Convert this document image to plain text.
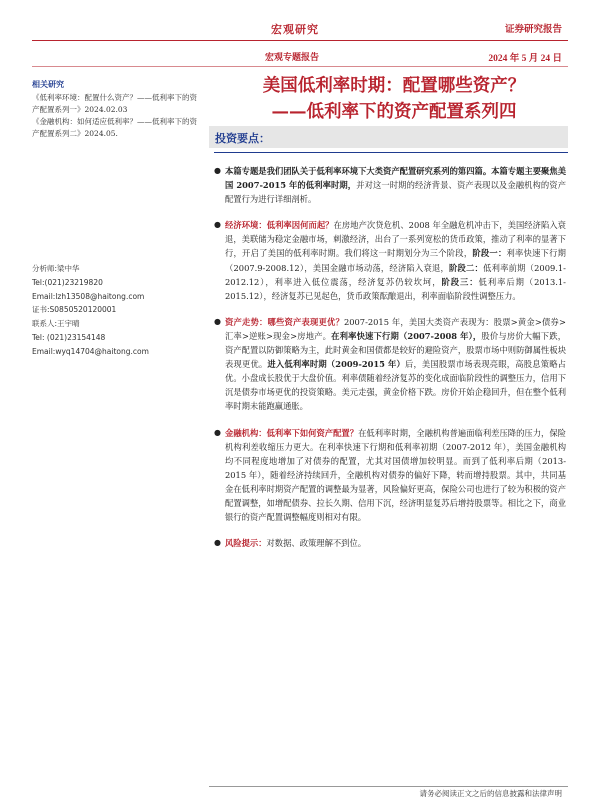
宏观研究
宏观专题报告
证券研究报告
2024 年 5 月 24 日
美国低利率时期：配置哪些资产？
——低利率下的资产配置系列四
相关研究
《低利率环境：配置什么资产？——低利率下的资产配置系列一》2024.02.03
《金融机构：如何适应低利率？——低利率下的资产配置系列二》2024.05.
分析师:梁中华
Tel:(021)23219820
Email:lzh13508@haitong.com
证书:S0850520120001
联系人:王宇晴
Tel: (021)23154148
Email:wyq14704@haitong.com
投资要点：
● 本篇专题是我们团队关于低利率环境下大类资产配置研究系列的第四篇。本篇专题主要聚焦美国 2007-2015 年的低利率时期，并对这一时期的经济背景、资产表现以及金融机构的资产配置行为进行详细剖析。
● 经济环境：低利率因何而起？在房地产次贷危机、2008 年全融危机冲击下，美国经济陷入衰退，美联储为稳定金融市场，刺激经济，出台了一系列宽松的货币政策，推动了利率的显著下行，开启了美国的低利率时期。我们将这一时期划分为三个阶段，阶段一：利率快速下行期（2007.9-2008.12），美国金融市场动荡，经济陷入衰退，阶段二：低利率前期（2009.1-2012.12），利率进入低位震荡，经济复苏仍较坎坷，阶段三：低利率后期（2013.1-2015.12），经济复苏已见起色，货币政策酝酿退出，利率面临阶段性调整压力。
● 资产走势：哪些资产表现更优？2007-2015 年，美国大类资产表现为：股票>黄金>债券>汇率>逆账>现金>房地产。在利率快速下行期（2007-2008 年），股价与房价大幅下跌，资产配置以防御策略为主，此时黄金和国债都是较好的避险资产，股票市场中则防御属性板块表现更优。进入低利率时期（2009-2015 年）后，美国股票市场表现亮眼，高股息策略占优。小盘成长股优于大盘价值。利率债随着经济复苏的变化成面临阶段性的调整压力，信用下沉是债券市场更优的投资策略。美元走强，黄金价格下跌。房价开始企稳回升，但在整个低利率时期未能跑赢通胀。
● 金融机构：低利率下如何资产配置？在低利率时期，全融机构普遍面临利差压降的压力，保险机构利差收缩压力更大。在利率快速下行期和低利率初期（2007-2012 年），美国金融机构均不同程度地增加了对债券的配置，尤其对国债增加较明显。而到了低利率后期（2013-2015 年），随着经济持续回升，全融机构对债券的偏好下降，转而增持股票。其中，共同基金在低利率时期资产配置的调整最为显著，风险偏好更高，保险公司也进行了较为积极的资产配置调整，如增配债券、拉长久期、信用下沉，经济明显复苏后增持股票等。相比之下，商业银行的资产配置调整幅度则相对有限。
● 风险提示：对数据、政策理解不到位。
请务必阅读正文之后的信息披露和法律声明
